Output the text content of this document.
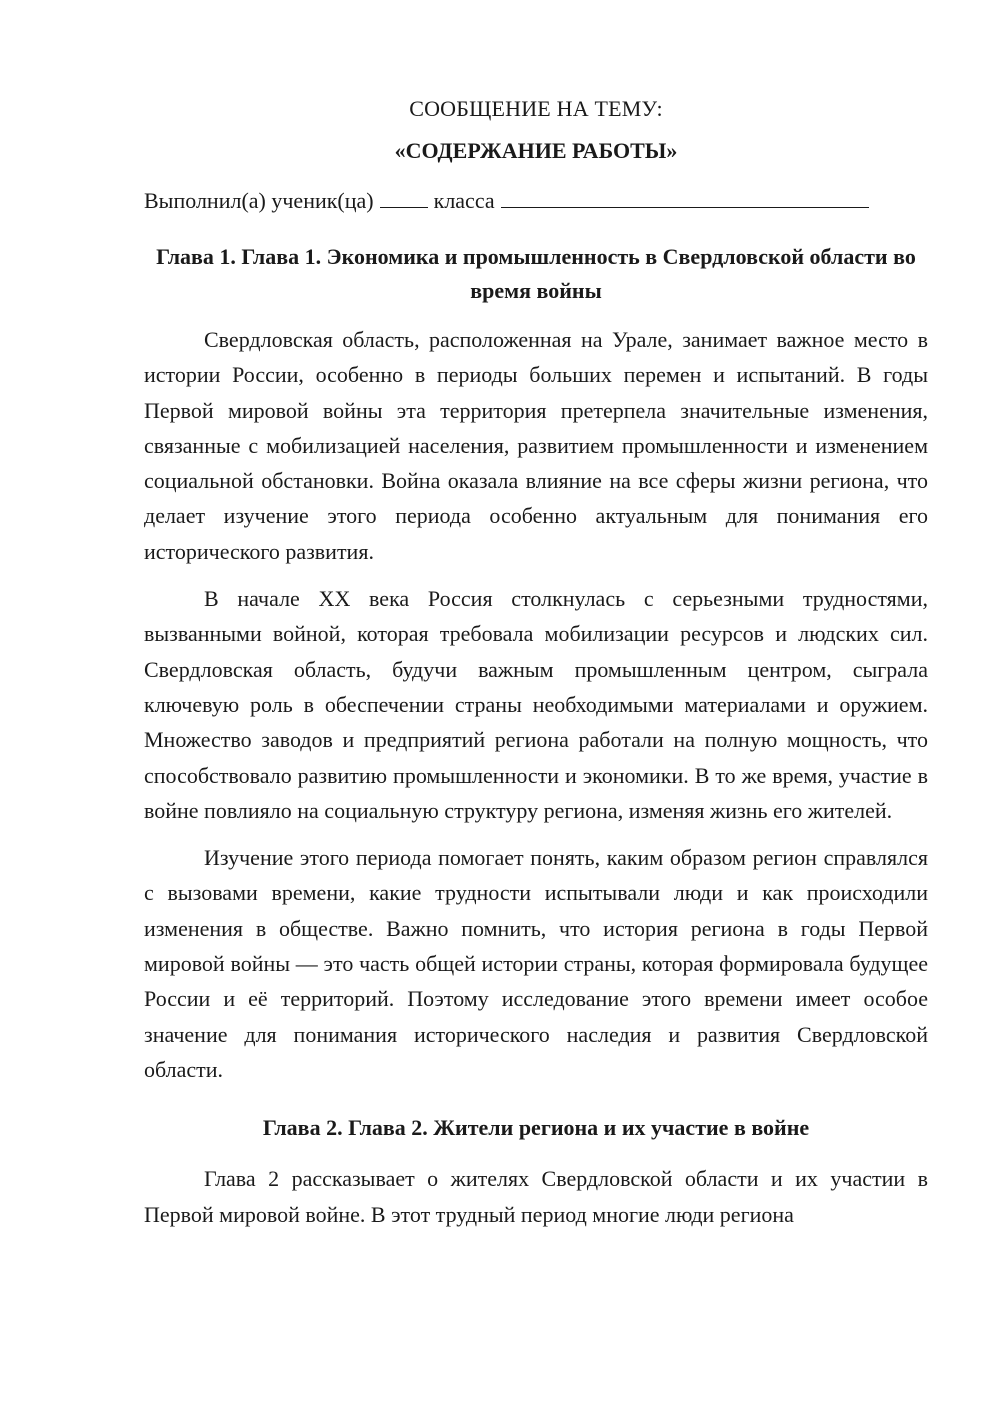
СООБЩЕНИЕ НА ТЕМУ:

«СОДЕРЖАНИЕ РАБОТЫ»

Выполнил(а) ученик(ца)	класса

Глава 1. Глава 1. Экономика и промышленность в Свердловской области во время войны

Свердловская область, расположенная на Урале, занимает важное место в истории России, особенно в периоды больших перемен и испытаний. В годы Первой мировой войны эта территория претерпела значительные изменения, связанные с мобилизацией населения, развитием промышленности и изменением социальной обстановки. Война оказала влияние на все сферы жизни региона, что делает изучение этого периода особенно актуальным для понимания его исторического развития.

В начале XX века Россия столкнулась с серьезными трудностями, вызванными войной, которая требовала мобилизации ресурсов и людских сил. Свердловская область, будучи важным промышленным центром, сыграла ключевую роль в обеспечении страны необходимыми материалами и оружием. Множество заводов и предприятий региона работали на полную мощность, что способствовало развитию промышленности и экономики. В то же время, участие в войне повлияло на социальную структуру региона, изменяя жизнь его жителей.

Изучение этого периода помогает понять, каким образом регион справлялся с вызовами времени, какие трудности испытывали люди и как происходили изменения в обществе. Важно помнить, что история региона в годы Первой мировой войны — это часть общей истории страны, которая формировала будущее России и её территорий. Поэтому исследование этого времени имеет особое значение для понимания исторического наследия и развития Свердловской области.

Глава 2. Глава 2. Жители региона и их участие в войне

Глава 2 рассказывает о жителях Свердловской области и их участии в Первой мировой войне. В этот трудный период многие люди региона
